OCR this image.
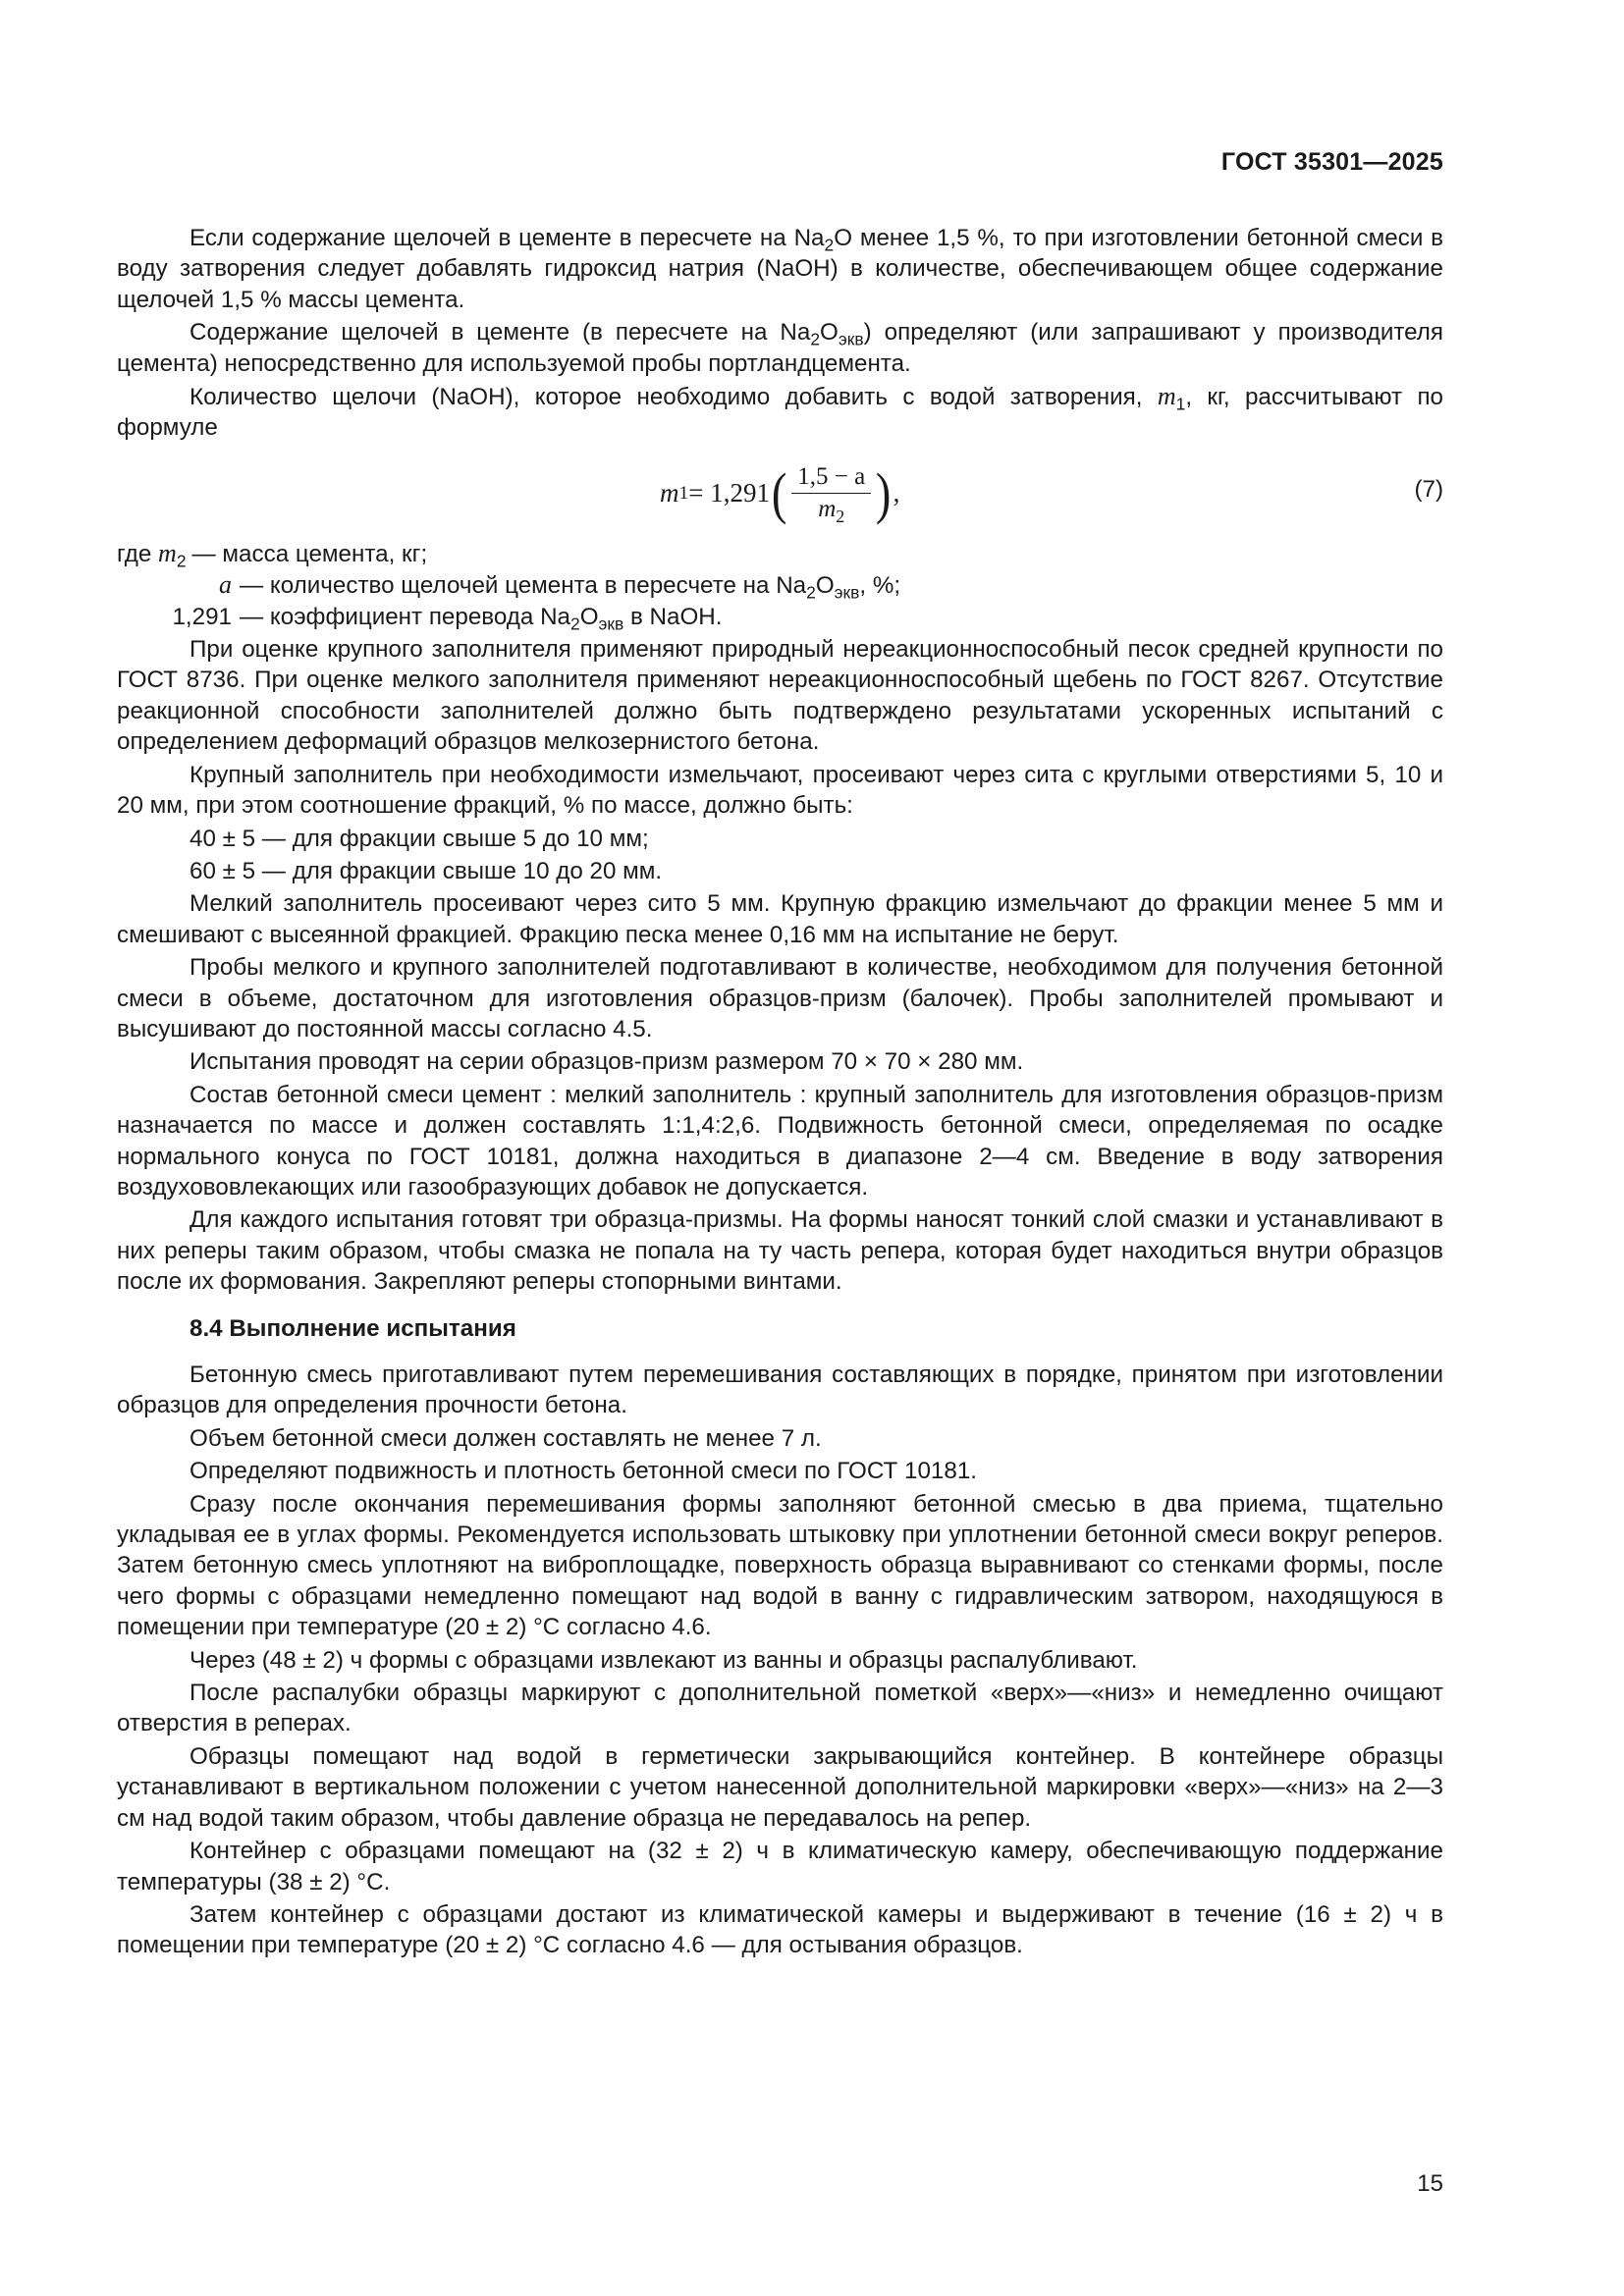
ГОСТ 35301—2025

Если содержание щелочей в цементе в пересчете на $Na_2O$ менее 1,5 %, то при изготовлении бетонной смеси в воду затворения следует добавлять гидроксид натрия (NaOH) в количестве, обеспечивающем общее содержание щелочей 1,5 % массы цемента.

Содержание щелочей в цементе (в пересчете на $Na_2O_{экв}$) определяют (или запрашивают у производителя цемента) непосредственно для используемой пробы портландцемента.

Количество щелочи (NaOH), которое необходимо добавить с водой затворения, $m_1$, кг, рассчитывают по формуле

m 1 = 1,291 ( $\frac{1,5 - a}{m_2}$ ) ,	(7)
где $m_2$ — масса цемента, кг;
a — количество щелочей цемента в пересчете на $Na_2O_{экв}$, %;
1,291 — коэффициент перевода $Na_2O_{экв}$ в NaOH.

При оценке крупного заполнителя применяют природный нереакционноспособный песок средней крупности по ГОСТ 8736. При оценке мелкого заполнителя применяют нереакционноспособный щебень по ГОСТ 8267. Отсутствие реакционной способности заполнителей должно быть подтверждено результатами ускоренных испытаний с определением деформаций образцов мелкозернистого бетона.

Крупный заполнитель при необходимости измельчают, просеивают через сита с круглыми отверстиями 5, 10 и 20 мм, при этом соотношение фракций, % по массе, должно быть:

40 ± 5 — для фракции свыше 5 до 10 мм;

60 ± 5 — для фракции свыше 10 до 20 мм.

Мелкий заполнитель просеивают через сито 5 мм. Крупную фракцию измельчают до фракции менее 5 мм и смешивают с высеянной фракцией. Фракцию песка менее 0,16 мм на испытание не берут.

Пробы мелкого и крупного заполнителей подготавливают в количестве, необходимом для получения бетонной смеси в объеме, достаточном для изготовления образцов-призм (балочек). Пробы заполнителей промывают и высушивают до постоянной массы согласно 4.5.

Испытания проводят на серии образцов-призм размером 70 × 70 × 280 мм.

Состав бетонной смеси цемент : мелкий заполнитель : крупный заполнитель для изготовления образцов-призм назначается по массе и должен составлять 1:1,4:2,6. Подвижность бетонной смеси, определяемая по осадке нормального конуса по ГОСТ 10181, должна находиться в диапазоне 2—4 см. Введение в воду затворения воздухововлекающих или газообразующих добавок не допускается.

Для каждого испытания готовят три образца-призмы. На формы наносят тонкий слой смазки и устанавливают в них реперы таким образом, чтобы смазка не попала на ту часть репера, которая будет находиться внутри образцов после их формования. Закрепляют реперы стопорными винтами.

8.4 Выполнение испытания

Бетонную смесь приготавливают путем перемешивания составляющих в порядке, принятом при изготовлении образцов для определения прочности бетона.

Объем бетонной смеси должен составлять не менее 7 л.

Определяют подвижность и плотность бетонной смеси по ГОСТ 10181.

Сразу после окончания перемешивания формы заполняют бетонной смесью в два приема, тщательно укладывая ее в углах формы. Рекомендуется использовать штыковку при уплотнении бетонной смеси вокруг реперов. Затем бетонную смесь уплотняют на виброплощадке, поверхность образца выравнивают со стенками формы, после чего формы с образцами немедленно помещают над водой в ванну с гидравлическим затвором, находящуюся в помещении при температуре (20 ± 2) °С согласно 4.6.

Через (48 ± 2) ч формы с образцами извлекают из ванны и образцы распалубливают.

После распалубки образцы маркируют с дополнительной пометкой «верх»—«низ» и немедленно очищают отверстия в реперах.

Образцы помещают над водой в герметически закрывающийся контейнер. В контейнере образцы устанавливают в вертикальном положении с учетом нанесенной дополнительной маркировки «верх»—«низ» на 2—3 см над водой таким образом, чтобы давление образца не передавалось на репер.

Контейнер с образцами помещают на (32 ± 2) ч в климатическую камеру, обеспечивающую поддержание температуры (38 ± 2) °С.

Затем контейнер с образцами достают из климатической камеры и выдерживают в течение (16 ± 2) ч в помещении при температуре (20 ± 2) °С согласно 4.6 — для остывания образцов.

15
